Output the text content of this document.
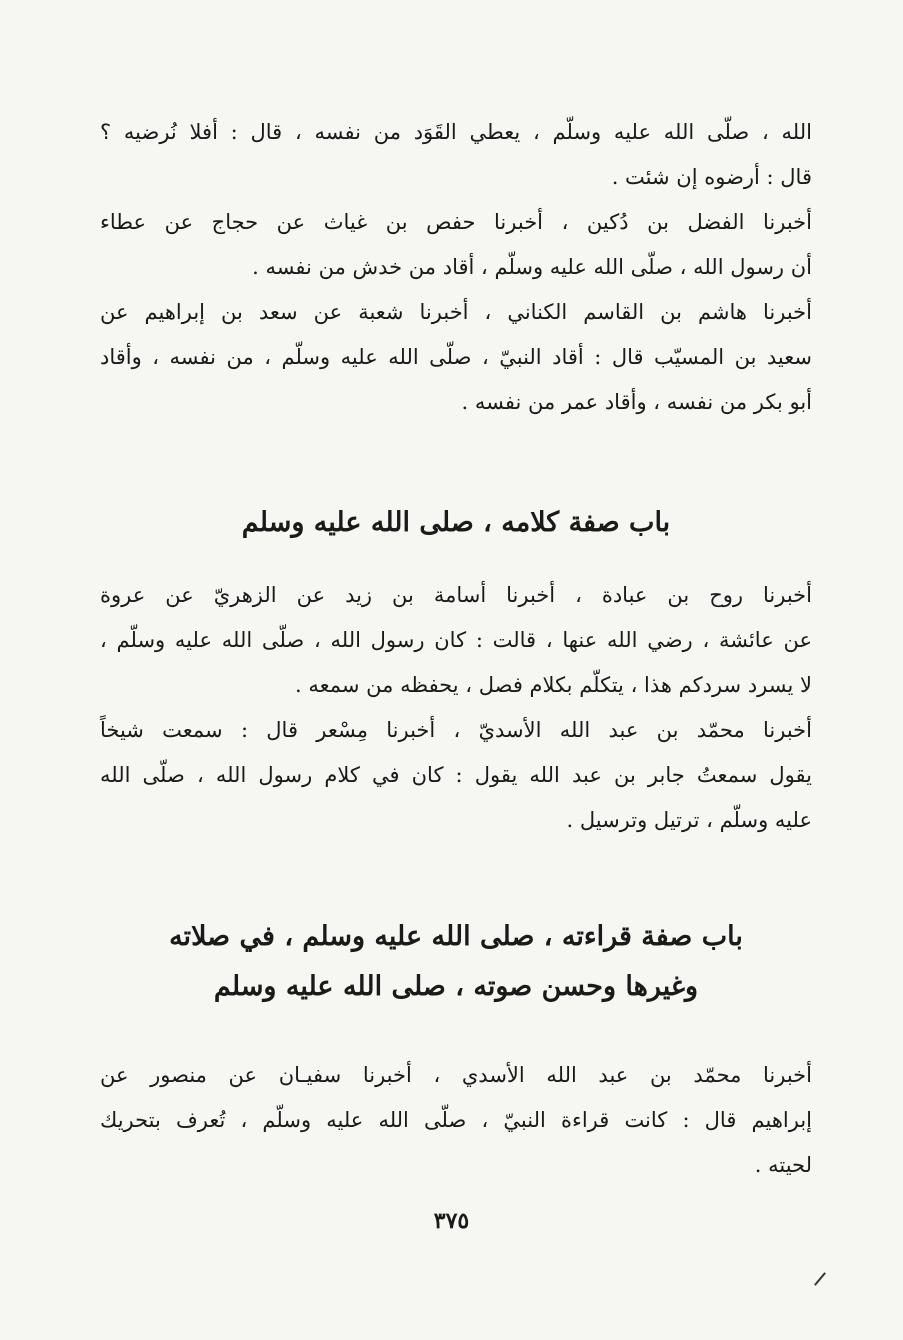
الله ، صلّى الله عليه وسلّم ، يعطي القَوَد من نفسه ، قال : أفلا نُرضيه ؟
قال : أرضوه إن شئت .
أخبرنا الفضل بن دُكين ، أخبرنا حفص بن غياث عن حجاج عن عطاء
أن رسول الله ، صلّى الله عليه وسلّم ، أقاد من خدش من نفسه .
أخبرنا هاشم بن القاسم الكناني ، أخبرنا شعبة عن سعد بن إبراهيم عن
سعيد بن المسيّب قال : أقاد النبيّ ، صلّى الله عليه وسلّم ، من نفسه ، وأقاد
أبو بكر من نفسه ، وأقاد عمر من نفسه .
باب صفة كلامه ، صلى الله عليه وسلم
أخبرنا روح بن عبادة ، أخبرنا أسامة بن زيد عن الزهريّ عن عروة
عن عائشة ، رضي الله عنها ، قالت : كان رسول الله ، صلّى الله عليه وسلّم ،
لا يسرد سردكم هذا ، يتكلّم بكلام فصل ، يحفظه من سمعه .
أخبرنا محمّد بن عبد الله الأسديّ ، أخبرنا مِسْعر قال : سمعت شيخاً
يقول سمعتُ جابر بن عبد الله يقول : كان في كلام رسول الله ، صلّى الله
عليه وسلّم ، ترتيل وترسيل .
باب صفة قراءته ، صلى الله عليه وسلم ، في صلاته
وغيرها وحسن صوته ، صلى الله عليه وسلم
أخبرنا محمّد بن عبد الله الأسدي ، أخبرنا سفيـان عن منصور عن
إبراهيم قال : كانت قراءة النبيّ ، صلّى الله عليه وسلّم ، تُعرف بتحريك
لحيته .
٣٧٥
